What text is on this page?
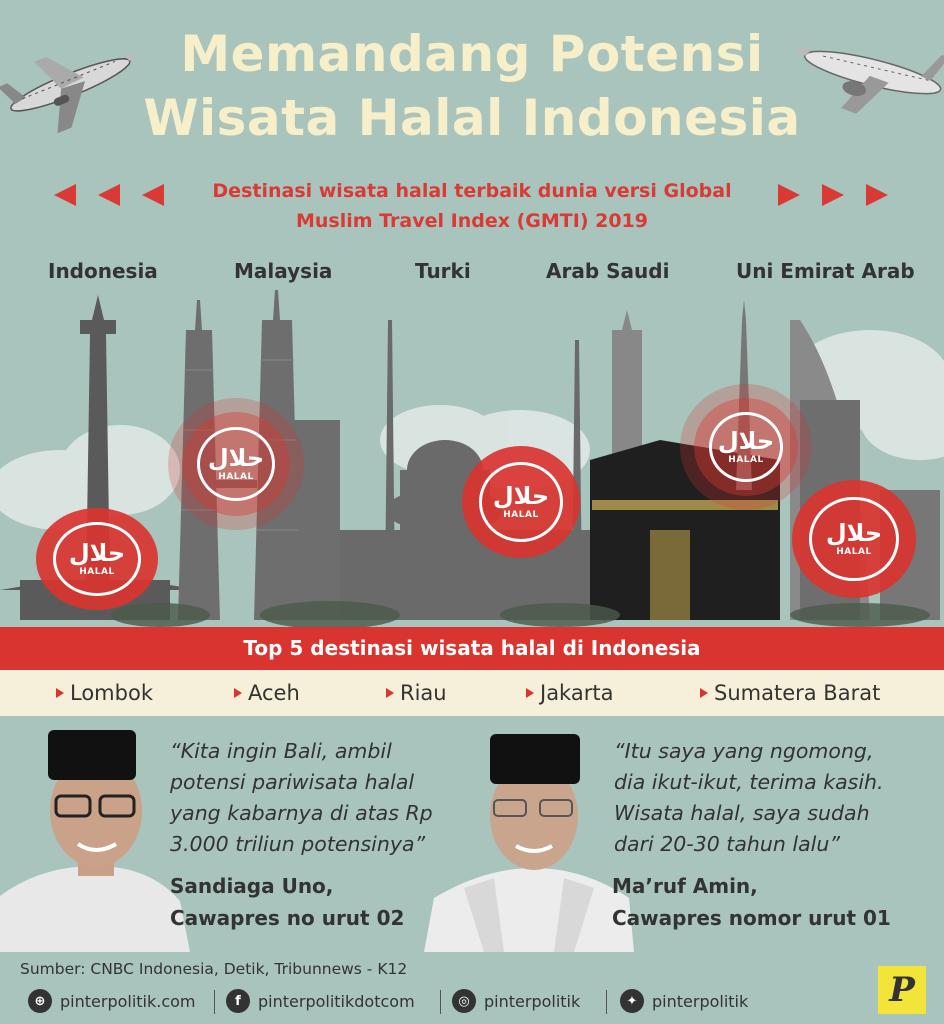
Memandang Potensi
Wisata Halal Indonesia
Destinasi wisata halal terbaik dunia versi Global
Muslim Travel Index (GMTI) 2019
Indonesia	Malaysia	Turki	Arab Saudi	Uni Emirat Arab
حلال
HALAL
حلال
HALAL
حلال
HALAL
حلال
HALAL
حلال
HALAL
Top 5 destinasi wisata halal di Indonesia
Lombok	Aceh	Riau	Jakarta	Sumatera Barat
“Kita ingin Bali, ambil
potensi pariwisata halal
yang kabarnya di atas Rp
3.000 triliun potensinya”
Sandiaga Uno,
Cawapres no urut 02
“Itu saya yang ngomong,
dia ikut-ikut, terima kasih.
Wisata halal, saya sudah
dari 20-30 tahun lalu”
Ma’ruf Amin,
Cawapres nomor urut 01
Sumber: CNBC Indonesia, Detik, Tribunnews - K12
⊕ pinterpolitik.com	f	pinterpolitikdotcom	◎ pinterpolitik	✦ pinterpolitik	P
